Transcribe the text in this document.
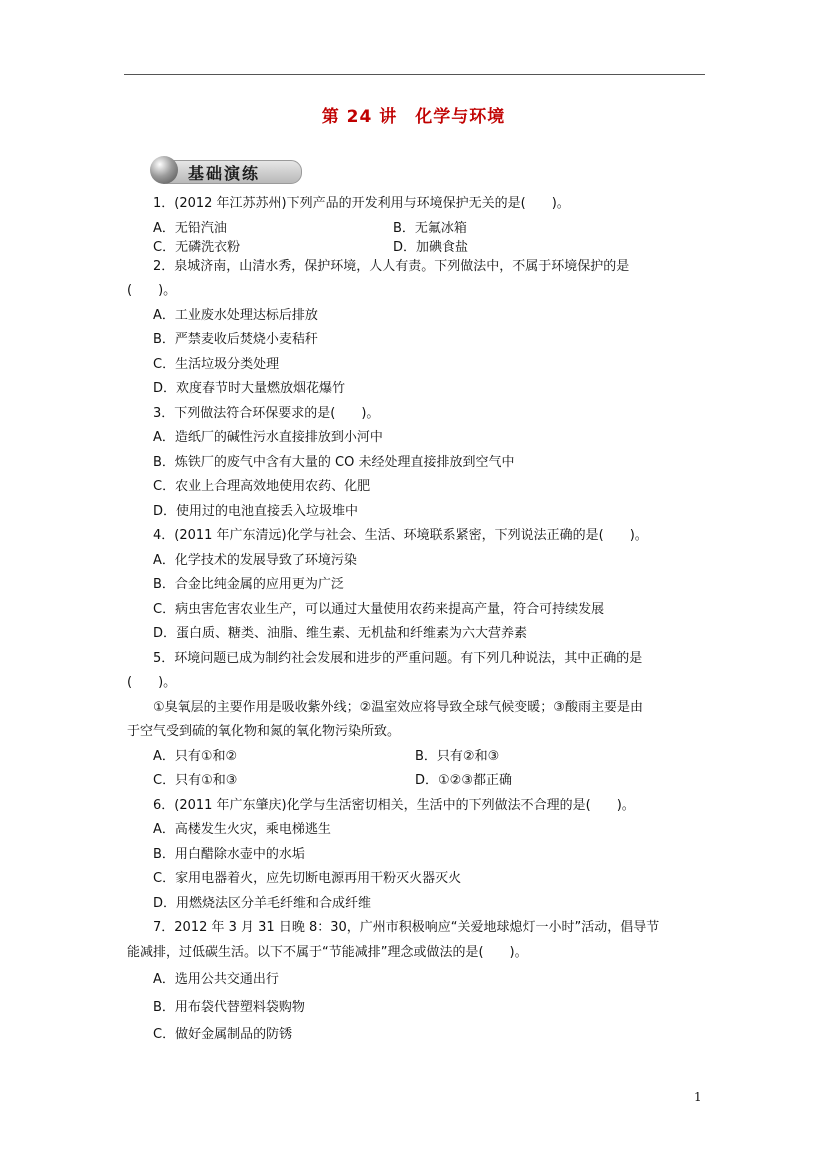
第 24 讲　化学与环境
基础演练
1．(2012 年江苏苏州)下列产品的开发利用与环境保护无关的是(　　)。
A．无铅汽油	B．无氟冰箱
C．无磷洗衣粉	D．加碘食盐
2．泉城济南，山清水秀，保护环境，人人有责。下列做法中，不属于环境保护的是
(　　)。
A．工业废水处理达标后排放
B．严禁麦收后焚烧小麦秸秆
C．生活垃圾分类处理
D．欢度春节时大量燃放烟花爆竹
3．下列做法符合环保要求的是(　　)。
A．造纸厂的碱性污水直接排放到小河中
B．炼铁厂的废气中含有大量的 CO 未经处理直接排放到空气中
C．农业上合理高效地使用农药、化肥
D．使用过的电池直接丢入垃圾堆中
4．(2011 年广东清远)化学与社会、生活、环境联系紧密，下列说法正确的是(　　)。
A．化学技术的发展导致了环境污染
B．合金比纯金属的应用更为广泛
C．病虫害危害农业生产，可以通过大量使用农药来提高产量，符合可持续发展
D．蛋白质、糖类、油脂、维生素、无机盐和纤维素为六大营养素
5．环境问题已成为制约社会发展和进步的严重问题。有下列几种说法，其中正确的是
(　　)。
①臭氧层的主要作用是吸收紫外线；②温室效应将导致全球气候变暖；③酸雨主要是由
于空气受到硫的氧化物和氮的氧化物污染所致。
A．只有①和②	B．只有②和③
C．只有①和③	D．①②③都正确
6．(2011 年广东肇庆)化学与生活密切相关，生活中的下列做法不合理的是(　　)。
A．高楼发生火灾，乘电梯逃生
B．用白醋除水壶中的水垢
C．家用电器着火，应先切断电源再用干粉灭火器灭火
D．用燃烧法区分羊毛纤维和合成纤维
7．2012 年 3 月 31 日晚 8：30，广州市积极响应“关爱地球熄灯一小时”活动，倡导节
能减排，过低碳生活。以下不属于“节能减排”理念或做法的是(　　)。
A．选用公共交通出行
B．用布袋代替塑料袋购物
C．做好金属制品的防锈
1
